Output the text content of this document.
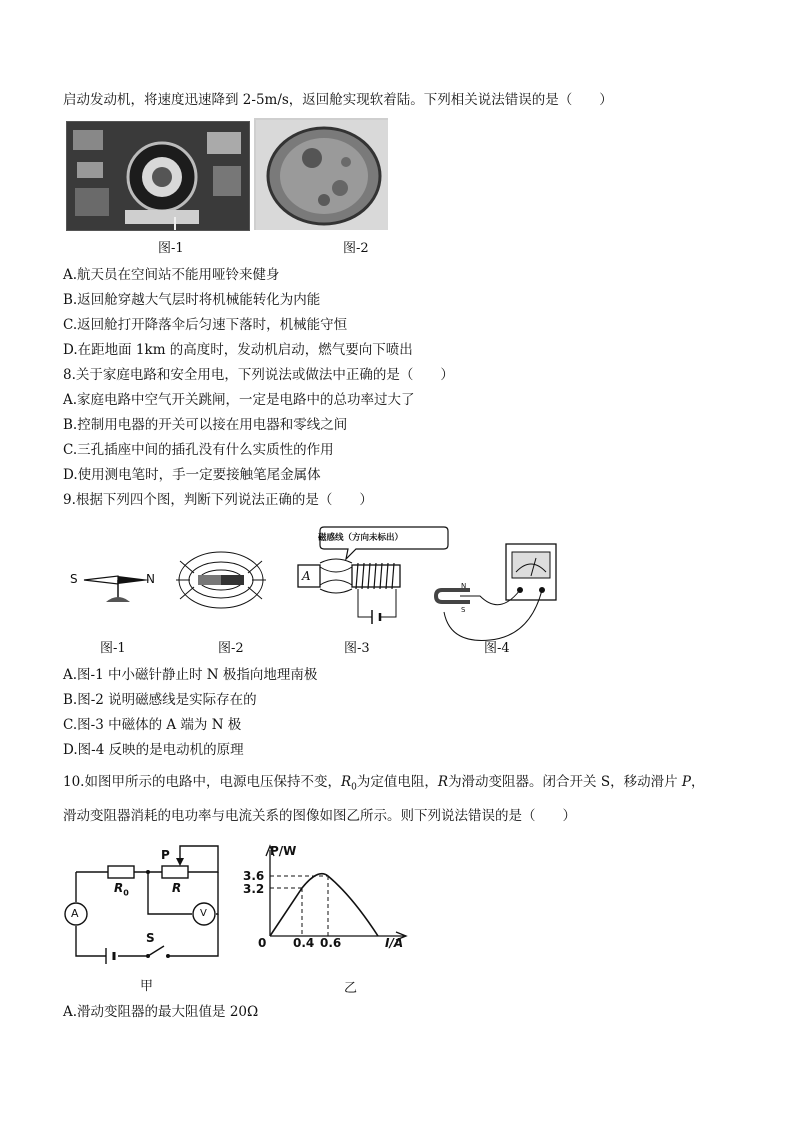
启动发动机，将速度迅速降到 2-5m/s，返回舱实现软着陆。下列相关说法错误的是（　　）
图-1	图-2
A.航天员在空间站不能用哑铃来健身
B.返回舱穿越大气层时将机械能转化为内能
C.返回舱打开降落伞后匀速下落时，机械能守恒
D.在距地面 1km 的高度时，发动机启动，燃气要向下喷出
8.关于家庭电路和安全用电，下列说法或做法中正确的是（　　）
A.家庭电路中空气开关跳闸，一定是电路中的总功率过大了
B.控制用电器的开关可以接在用电器和零线之间
C.三孔插座中间的插孔没有什么实质性的作用
D.使用测电笔时，手一定要接触笔尾金属体
9.根据下列四个图，判断下列说法正确的是（　　）
S	N
磁感线（方向未标出）
A
N
S
图-1	图-2	图-3	图-4
A.图-1 中小磁针静止时 N 极指向地理南极
B.图-2 说明磁感线是实际存在的
C.图-3 中磁体的 A 端为 N 极
D.图-4 反映的是电动机的原理
10.如图甲所示的电路中，电源电压保持不变，$R_0$为定值电阻，R为滑动变阻器。闭合开关 S，移动滑片 P，
滑动变阻器消耗的电功率与电流关系的图像如图乙所示。则下列说法错误的是（　　）
P
$R_0$	R
A	V
S
甲
P/W
3.6
3.2
0 0.4 0.6	I/A
乙
A.滑动变阻器的最大阻值是 20Ω
